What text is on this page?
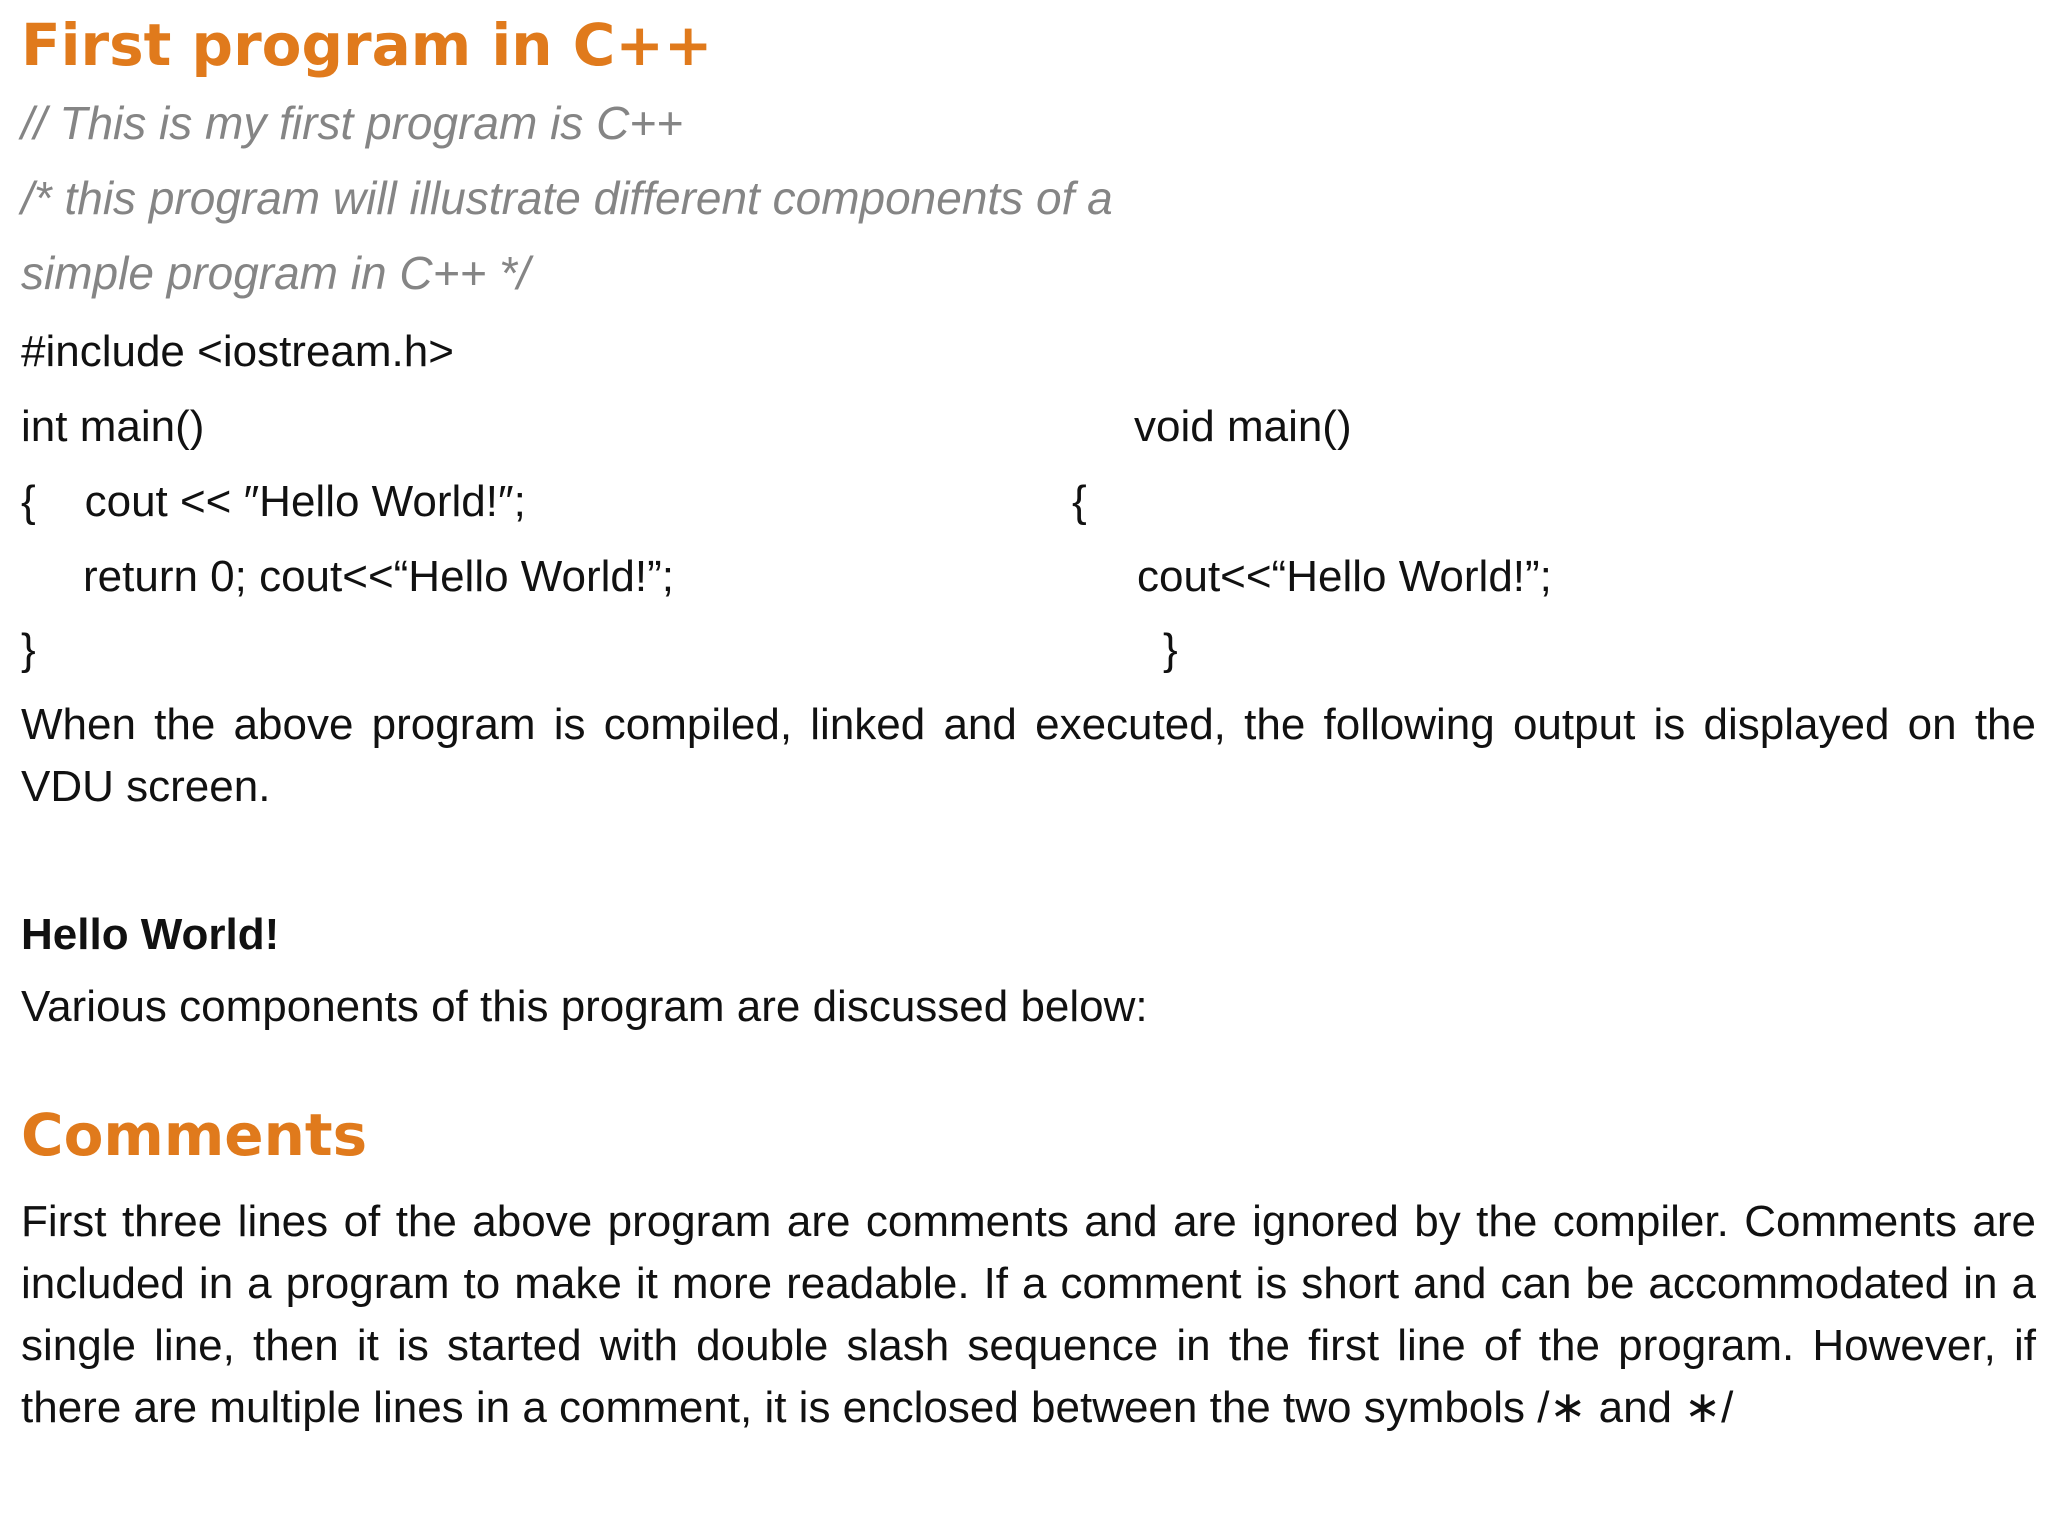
First program in C++
// This is my first program is C++
/* this program will illustrate different components of a
simple program in C++ */
#include <iostream.h>
int main()
{    cout << ″Hello World!″;
return 0; cout<<“Hello World!”;
}
void main()
{
cout<<“Hello World!”;
}

When the above program is compiled, linked and executed, the following output is displayed on the VDU screen.

Hello World!
Various components of this program are discussed below:
Comments

First three lines of the above program are comments and are ignored by the compiler. Comments are included in a program to make it more readable. If a comment is short and can be accommodated in a single line, then it is started with double slash sequence in the first line of the program. However, if there are multiple lines in a comment, it is enclosed between the two symbols /∗ and ∗/
